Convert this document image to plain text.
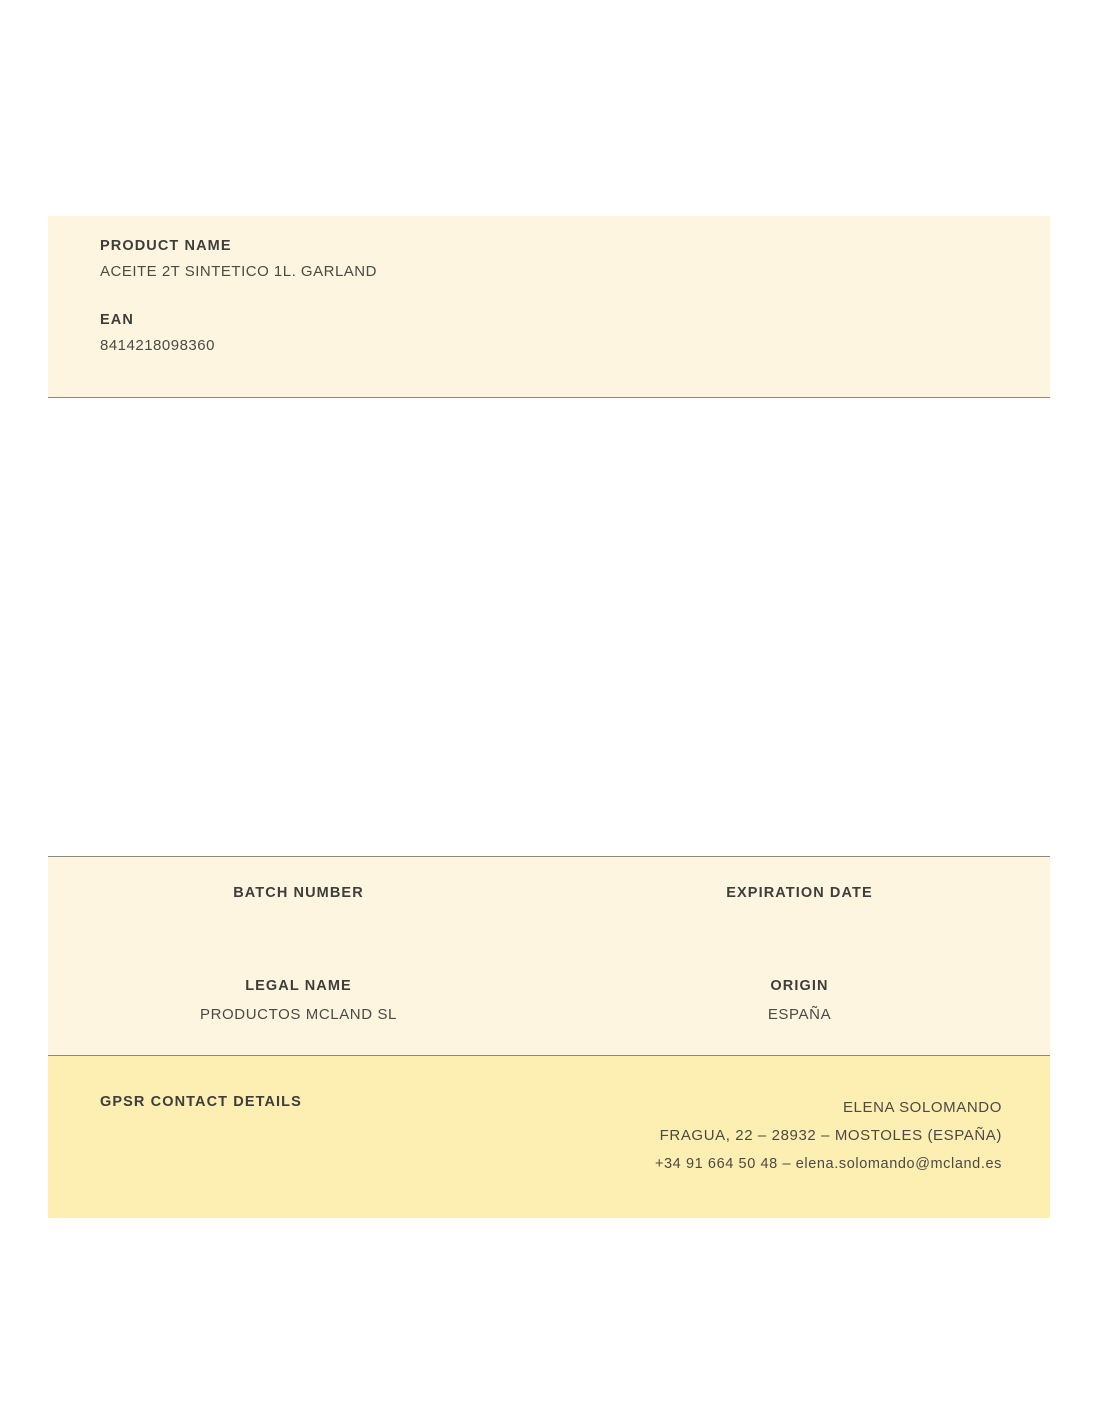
PRODUCT NAME

ACEITE 2T SINTETICO 1L. GARLAND

EAN

8414218098360

BATCH NUMBER	EXPIRATION DATE

LEGAL NAME

PRODUCTOS MCLAND SL

ORIGIN

ESPAÑA

GPSR CONTACT DETAILS	ELENA SOLOMANDO
FRAGUA, 22 – 28932 – MOSTOLES (ESPAÑA)
+34 91 664 50 48 – elena.solomando@mcland.es
